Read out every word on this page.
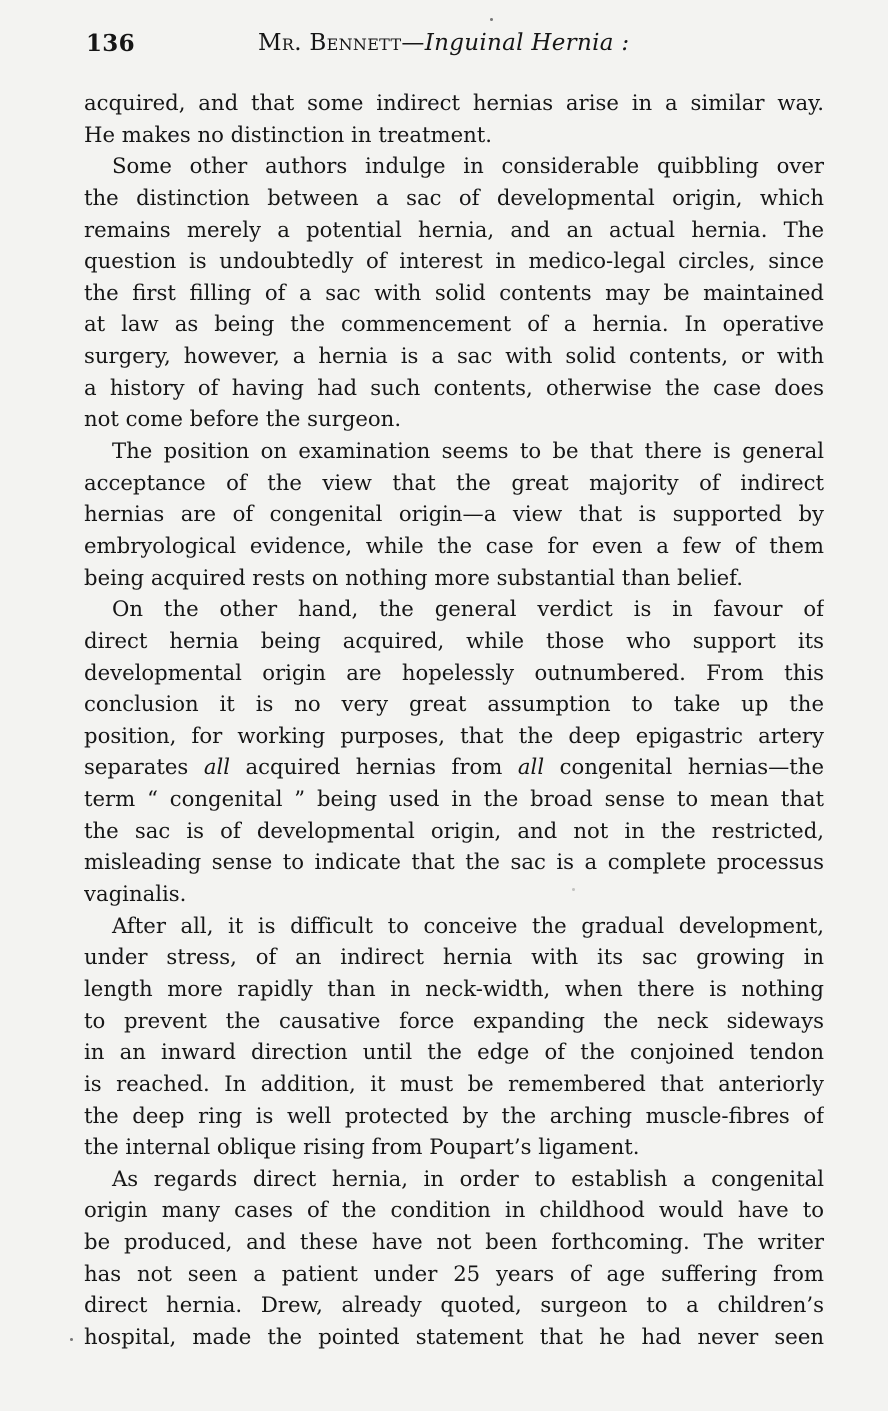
136	Mr. Bennett—Inguinal Hernia :
acquired, and that some indirect hernias arise in a similar way.
He makes no distinction in treatment.
Some other authors indulge in considerable quibbling over
the distinction between a sac of developmental origin, which
remains merely a potential hernia, and an actual hernia. The
question is undoubtedly of interest in medico-legal circles, since
the first filling of a sac with solid contents may be maintained
at law as being the commencement of a hernia. In operative
surgery, however, a hernia is a sac with solid contents, or with
a history of having had such contents, otherwise the case does
not come before the surgeon.
The position on examination seems to be that there is general
acceptance of the view that the great majority of indirect
hernias are of congenital origin—a view that is supported by
embryological evidence, while the case for even a few of them
being acquired rests on nothing more substantial than belief.
On the other hand, the general verdict is in favour of
direct hernia being acquired, while those who support its
developmental origin are hopelessly outnumbered. From this
conclusion it is no very great assumption to take up the
position, for working purposes, that the deep epigastric artery
separates all acquired hernias from all congenital hernias—the
term “ congenital ” being used in the broad sense to mean that
the sac is of developmental origin, and not in the restricted,
misleading sense to indicate that the sac is a complete processus
vaginalis.
After all, it is difficult to conceive the gradual development,
under stress, of an indirect hernia with its sac growing in
length more rapidly than in neck-width, when there is nothing
to prevent the causative force expanding the neck sideways
in an inward direction until the edge of the conjoined tendon
is reached. In addition, it must be remembered that anteriorly
the deep ring is well protected by the arching muscle-fibres of
the internal oblique rising from Poupart’s ligament.
As regards direct hernia, in order to establish a congenital
origin many cases of the condition in childhood would have to
be produced, and these have not been forthcoming. The writer
has not seen a patient under 25 years of age suffering from
direct hernia. Drew, already quoted, surgeon to a children’s
hospital, made the pointed statement that he had never seen
